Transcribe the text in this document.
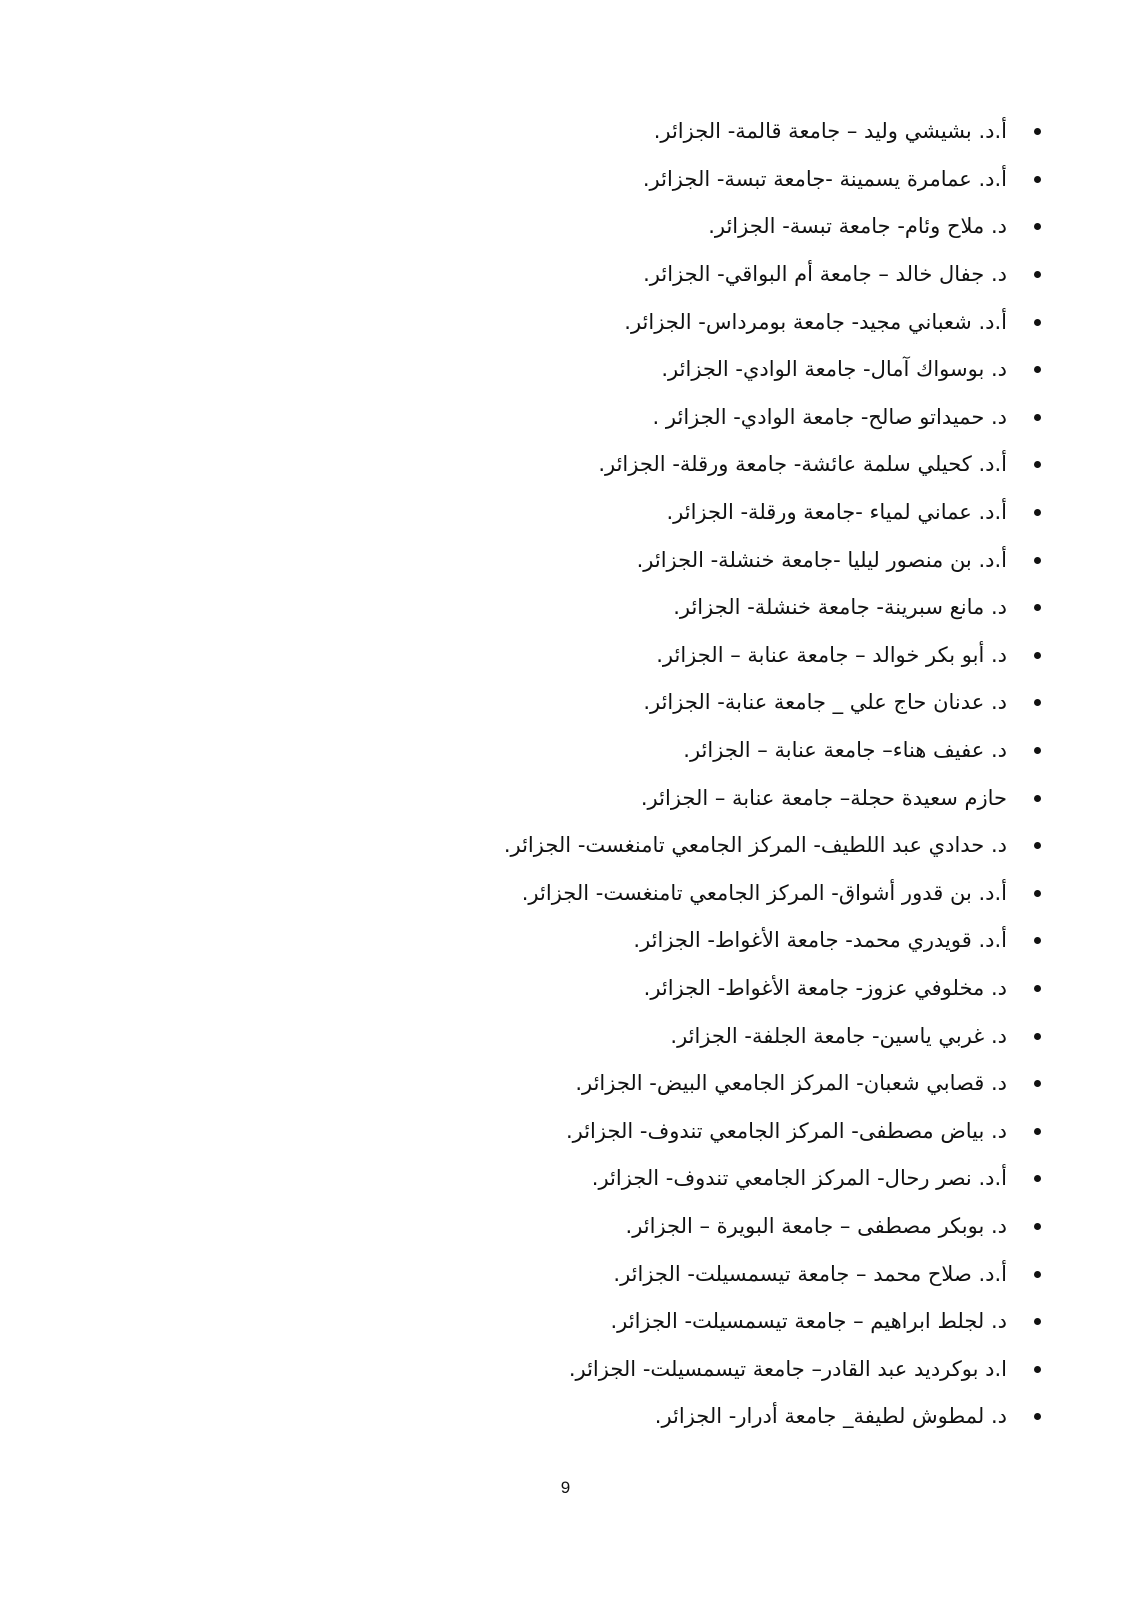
أ.د. بشيشي وليد – جامعة قالمة- الجزائر.
أ.د. عمامرة يسمينة -جامعة تبسة- الجزائر.
د. ملاح وئام- جامعة تبسة- الجزائر.
د. جفال خالد – جامعة أم البواقي- الجزائر.
أ.د. شعباني مجيد- جامعة بومرداس- الجزائر.
د. بوسواك آمال- جامعة الوادي- الجزائر.
د. حميداتو صالح- جامعة الوادي- الجزائر .
أ.د. كحيلي سلمة عائشة- جامعة ورقلة- الجزائر.
أ.د. عماني لمياء -جامعة ورقلة- الجزائر.
أ.د. بن منصور ليليا -جامعة خنشلة- الجزائر.
د. مانع سبرينة- جامعة خنشلة- الجزائر.
د. أبو بكر خوالد – جامعة عنابة – الجزائر.
د. عدنان حاج علي _ جامعة عنابة- الجزائر.
د. عفيف هناء– جامعة عنابة – الجزائر.
حازم سعيدة حجلة– جامعة عنابة – الجزائر.
د. حدادي عبد اللطيف- المركز الجامعي تامنغست- الجزائر.
أ.د. بن قدور أشواق- المركز الجامعي تامنغست- الجزائر.
أ.د. قويدري محمد- جامعة الأغواط- الجزائر.
د. مخلوفي عزوز- جامعة الأغواط- الجزائر.
د. غربي ياسين- جامعة الجلفة- الجزائر.
د. قصابي شعبان- المركز الجامعي البيض- الجزائر.
د. بياض مصطفى- المركز الجامعي تندوف- الجزائر.
أ.د. نصر رحال- المركز الجامعي تندوف- الجزائر.
د. بوبكر مصطفى – جامعة البويرة – الجزائر.
أ.د. صلاح محمد – جامعة تيسمسيلت- الجزائر.
د. لجلط ابراهيم – جامعة تيسمسيلت- الجزائر.
ا.د بوكرديد عبد القادر– جامعة تيسمسيلت- الجزائر.
د. لمطوش لطيفة_ جامعة أدرار- الجزائر.
9
